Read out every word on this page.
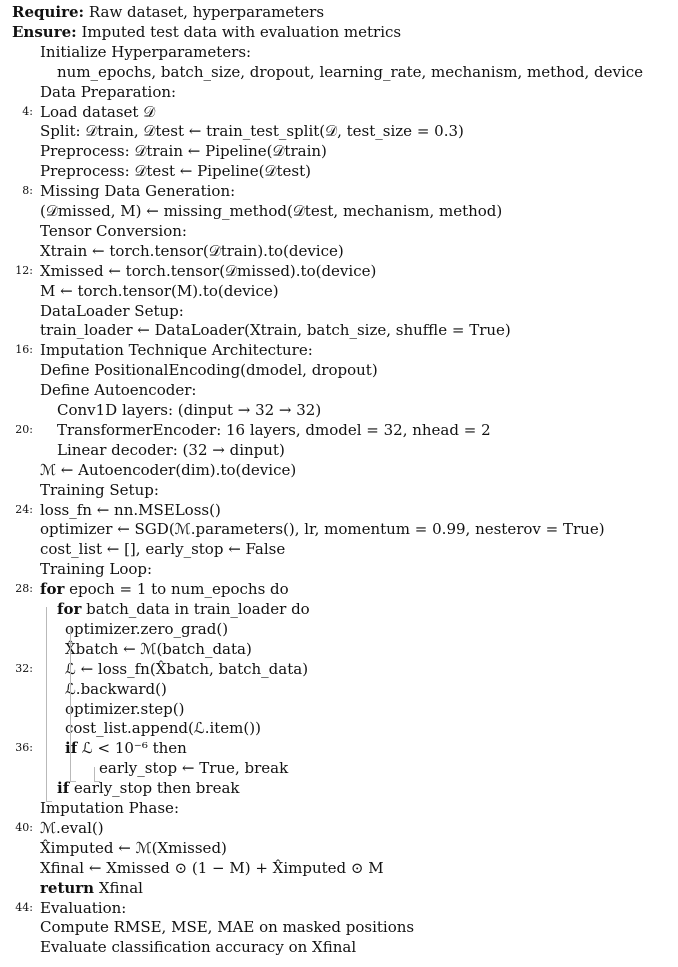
Require: Raw dataset, hyperparameters
Ensure: Imputed test data with evaluation metrics
Initialize Hyperparameters:
num_epochs, batch_size, dropout, learning_rate, mechanism, method, device
Data Preparation:
4: Load dataset 𝒟
Split: 𝒟train, 𝒟test ← train_test_split(𝒟, test_size = 0.3)
Preprocess: 𝒟train ← Pipeline(𝒟train)
Preprocess: 𝒟test ← Pipeline(𝒟test)
8: Missing Data Generation:
(𝒟missed, M) ← missing_method(𝒟test, mechanism, method)
Tensor Conversion:
Xtrain ← torch.tensor(𝒟train).to(device)
12: Xmissed ← torch.tensor(𝒟missed).to(device)
M ← torch.tensor(M).to(device)
DataLoader Setup:
train_loader ← DataLoader(Xtrain, batch_size, shuffle = True)
16: Imputation Technique Architecture:
Define PositionalEncoding(dmodel, dropout)
Define Autoencoder:
Conv1D layers: (dinput → 32 → 32)
20: TransformerEncoder: 16 layers, dmodel = 32, nhead = 2
Linear decoder: (32 → dinput)
ℳ ← Autoencoder(dim).to(device)
Training Setup:
24: loss_fn ← nn.MSELoss()
optimizer ← SGD(ℳ.parameters(), lr, momentum = 0.99, nesterov = True)
cost_list ← [], early_stop ← False
Training Loop:
28: for epoch = 1 to num_epochs do
for batch_data in train_loader do
optimizer.zero_grad()
X̂batch ← ℳ(batch_data)
32: ℒ ← loss_fn(X̂batch, batch_data)
ℒ.backward()
optimizer.step()
cost_list.append(ℒ.item())
36: if ℒ < 10⁻⁶ then
early_stop ← True, break
if early_stop then break
Imputation Phase:
40: ℳ.eval()
X̂imputed ← ℳ(Xmissed)
Xfinal ← Xmissed ⊙ (1 − M) + X̂imputed ⊙ M
return Xfinal
44: Evaluation:
Compute RMSE, MSE, MAE on masked positions
Evaluate classification accuracy on Xfinal
